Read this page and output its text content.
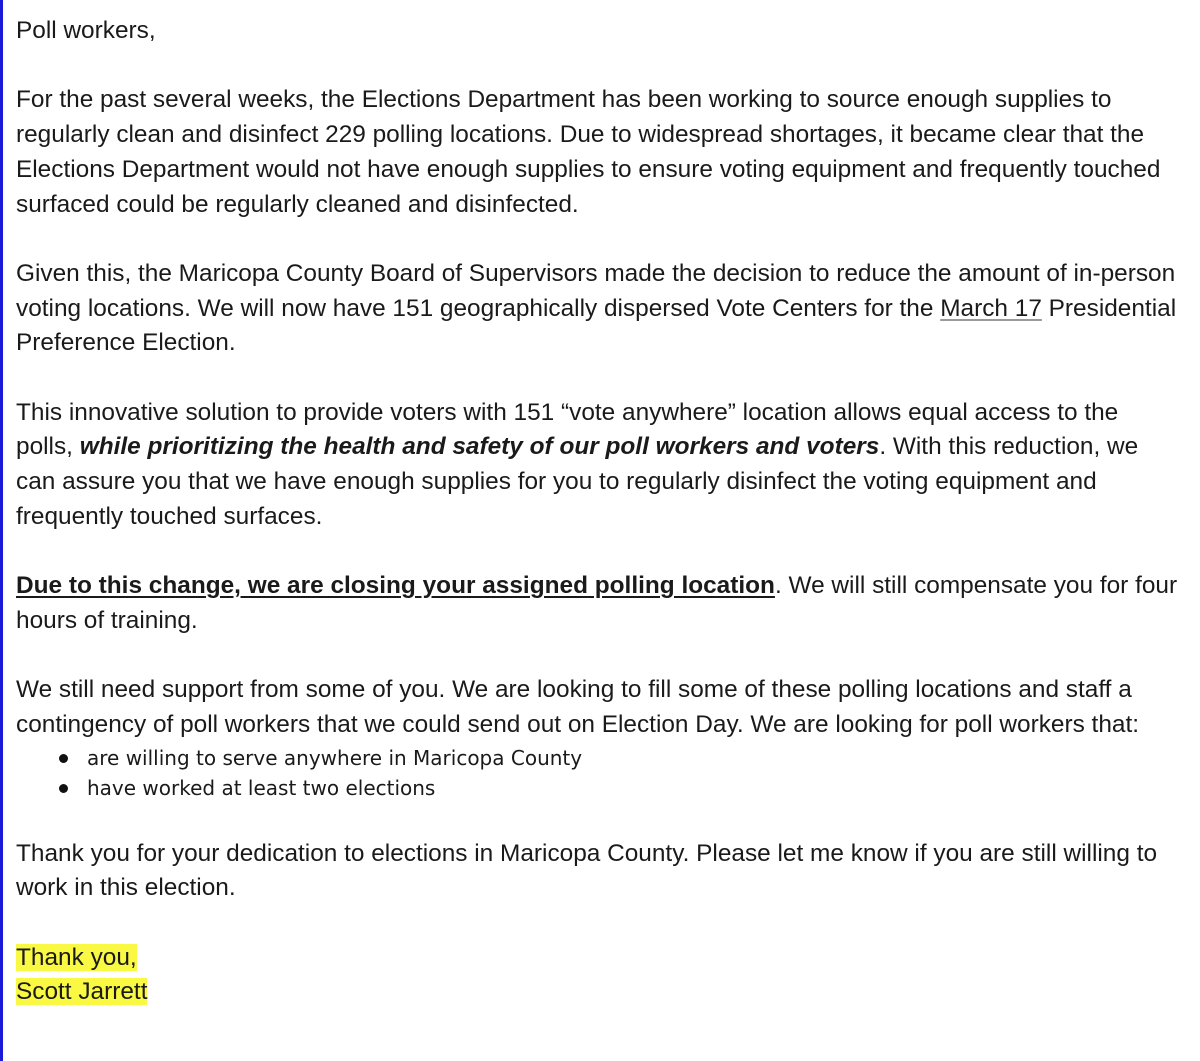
Poll workers,

For the past several weeks, the Elections Department has been working to source enough supplies to regularly clean and disinfect 229 polling locations. Due to widespread shortages, it became clear that the Elections Department would not have enough supplies to ensure voting equipment and frequently touched surfaced could be regularly cleaned and disinfected.

Given this, the Maricopa County Board of Supervisors made the decision to reduce the amount of in-person voting locations. We will now have 151 geographically dispersed Vote Centers for the March 17 Presidential Preference Election.

This innovative solution to provide voters with 151 “vote anywhere” location allows equal access to the polls, while prioritizing the health and safety of our poll workers and voters. With this reduction, we can assure you that we have enough supplies for you to regularly disinfect the voting equipment and frequently touched surfaces.

Due to this change, we are closing your assigned polling location. We will still compensate you for four hours of training.

We still need support from some of you. We are looking to fill some of these polling locations and staff a contingency of poll workers that we could send out on Election Day. We are looking for poll workers that:

are willing to serve anywhere in Maricopa County
have worked at least two elections

Thank you for your dedication to elections in Maricopa County. Please let me know if you are still willing to work in this election.

Thank you,
Scott Jarrett
